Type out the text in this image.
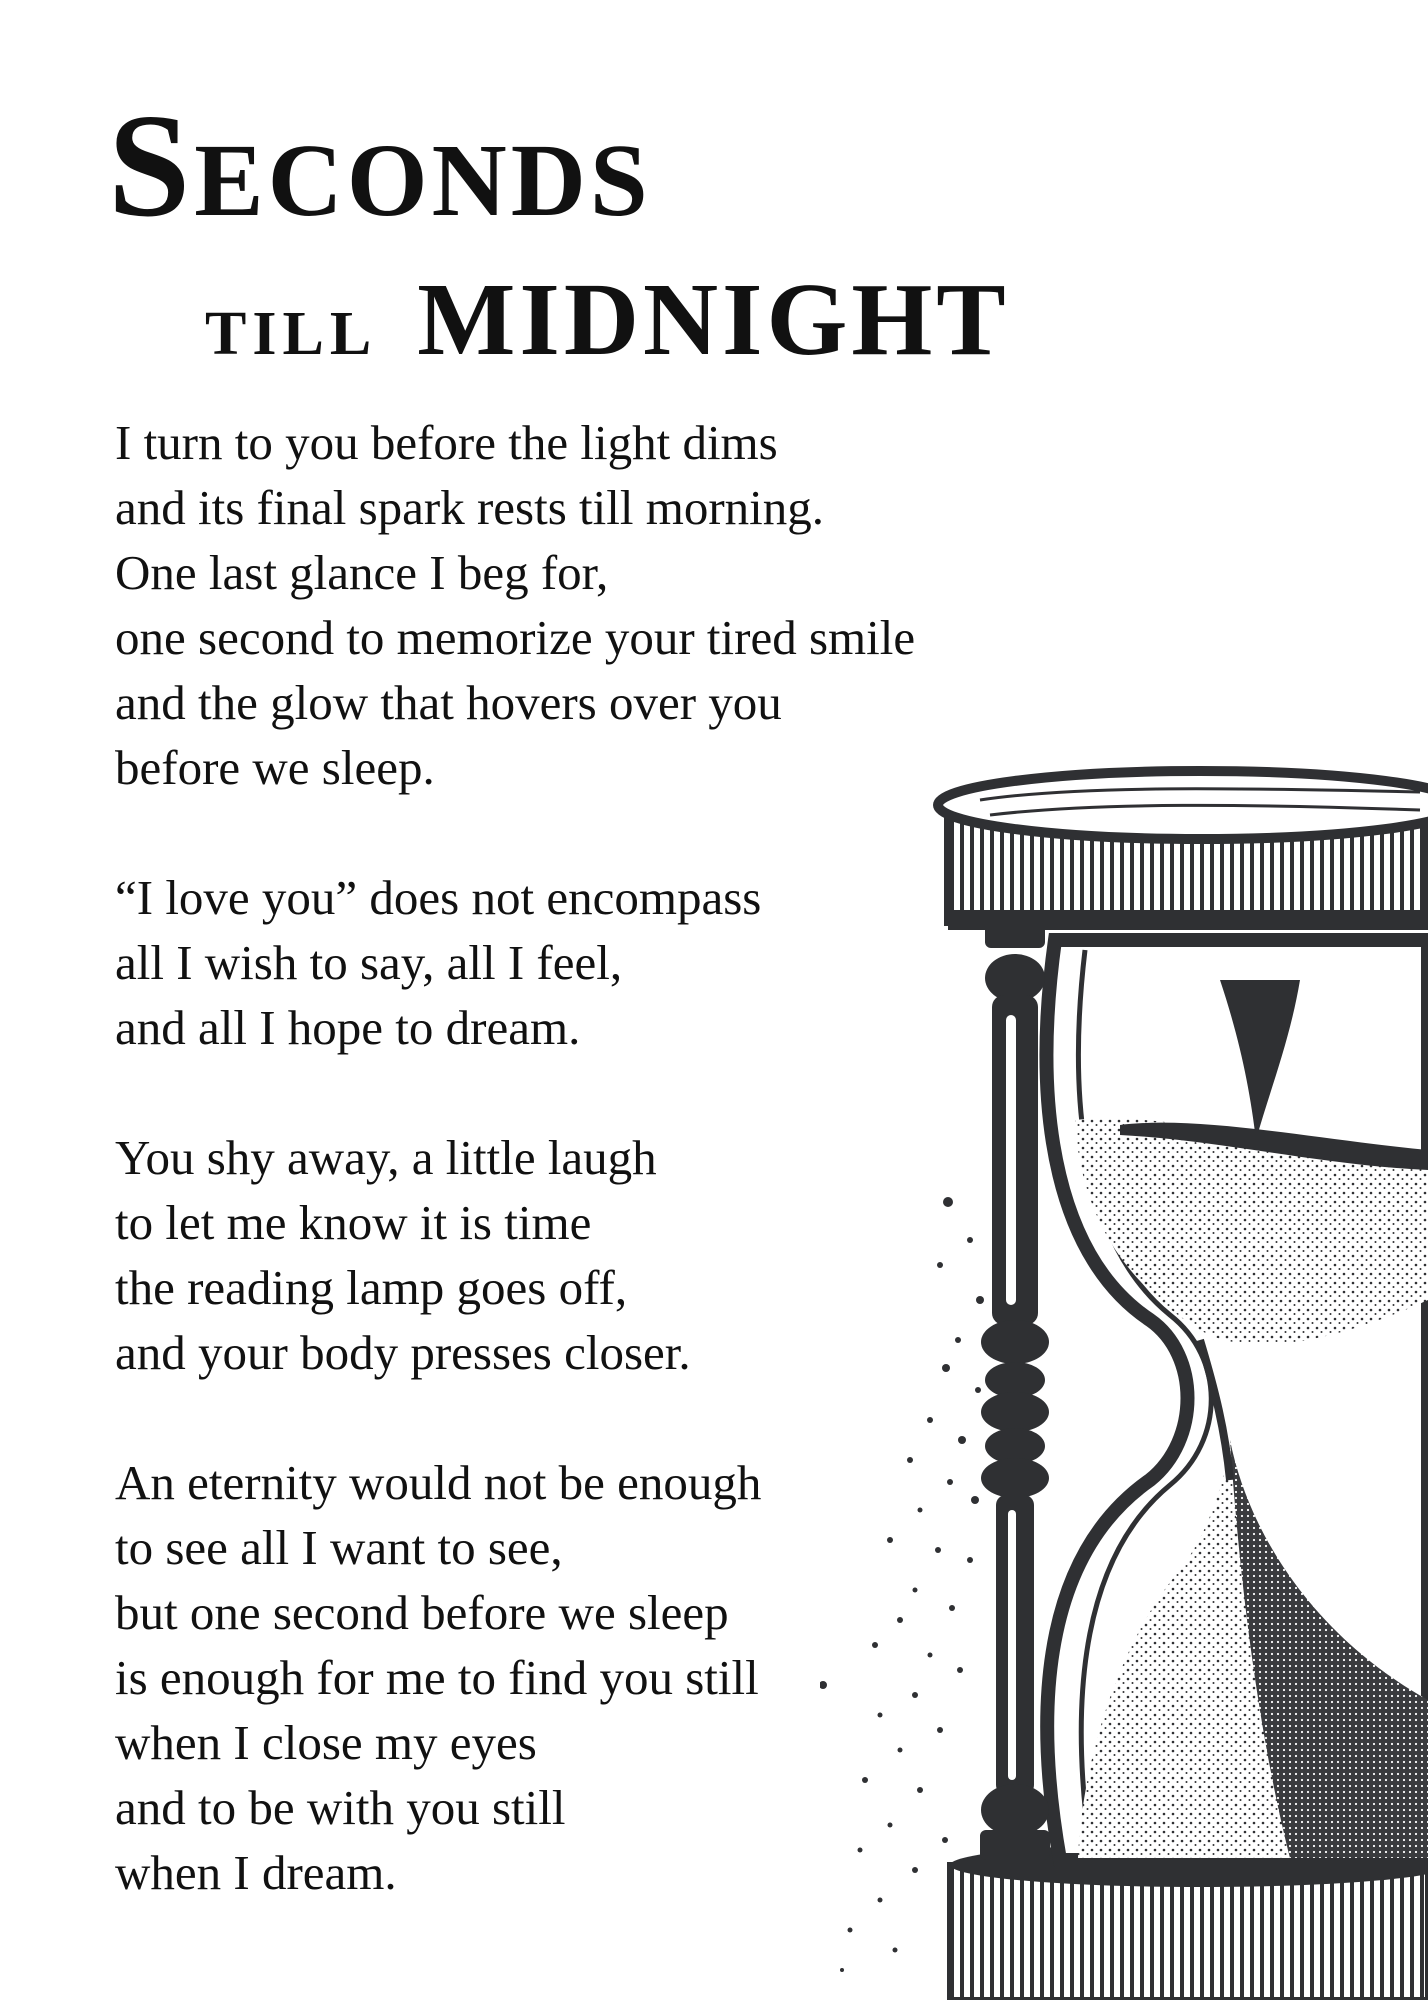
Seconds
till MIDNIGHT
I turn to you before the light dims
and its final spark rests till morning.
One last glance I beg for,
one second to memorize your tired smile
and the glow that hovers over you
before we sleep.
“I love you” does not encompass
all I wish to say, all I feel,
and all I hope to dream.
You shy away, a little laugh
to let me know it is time
the reading lamp goes off,
and your body presses closer.
An eternity would not be enough
to see all I want to see,
but one second before we sleep
is enough for me to find you still
when I close my eyes
and to be with you still
when I dream.
